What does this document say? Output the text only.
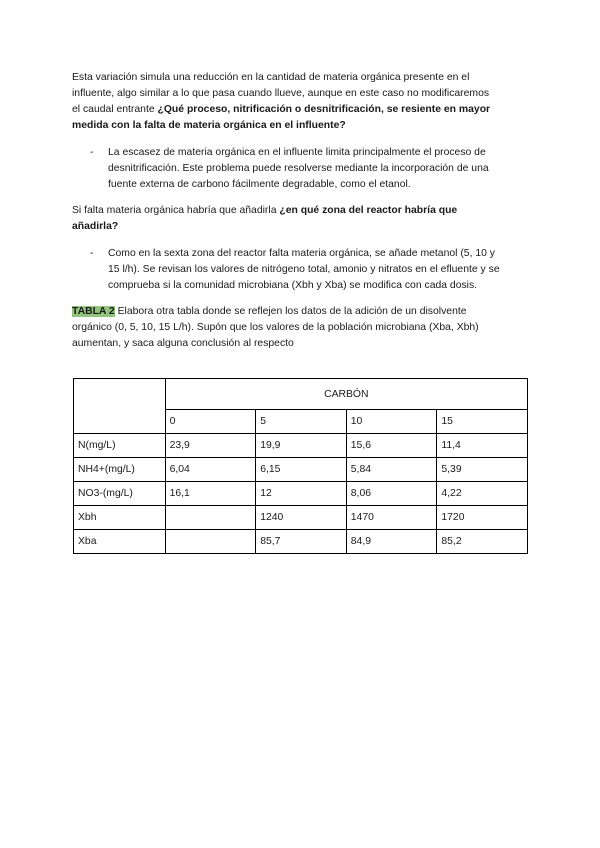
Esta variación simula una reducción en la cantidad de materia orgánica presente en el
influente, algo similar a lo que pasa cuando llueve, aunque en este caso no modificaremos
el caudal entrante ¿Qué proceso, nitrificación o desnitrificación, se resiente en mayor
medida con la falta de materia orgánica en el influente?
- La escasez de materia orgánica en el influente limita principalmente el proceso de
desnitrificación. Este problema puede resolverse mediante la incorporación de una
fuente externa de carbono fácilmente degradable, como el etanol.
Si falta materia orgánica habría que añadirla ¿en qué zona del reactor habría que
añadirla?
- Como en la sexta zona del reactor falta materia orgánica, se añade metanol (5, 10 y
15 l/h). Se revisan los valores de nitrógeno total, amonio y nitratos en el efluente y se
comprueba si la comunidad microbiana (Xbh y Xba) se modifica con cada dosis.
TABLA 2 Elabora otra tabla donde se reflejen los datos de la adición de un disolvente
orgánico (0, 5, 10, 15 L/h). Supón que los valores de la población microbiana (Xba, Xbh)
aumentan, y saca alguna conclusión al respecto
	CARBÓN			
	0	5	10	15
N(mg/L)	23,9	19,9	15,6	11,4
NH4+(mg/L)	6,04	6,15	5,84	5,39
NO3-(mg/L)	16,1	12	8,06	4,22
Xbh		1240	1470	1720
Xba		85,7	84,9	85,2
